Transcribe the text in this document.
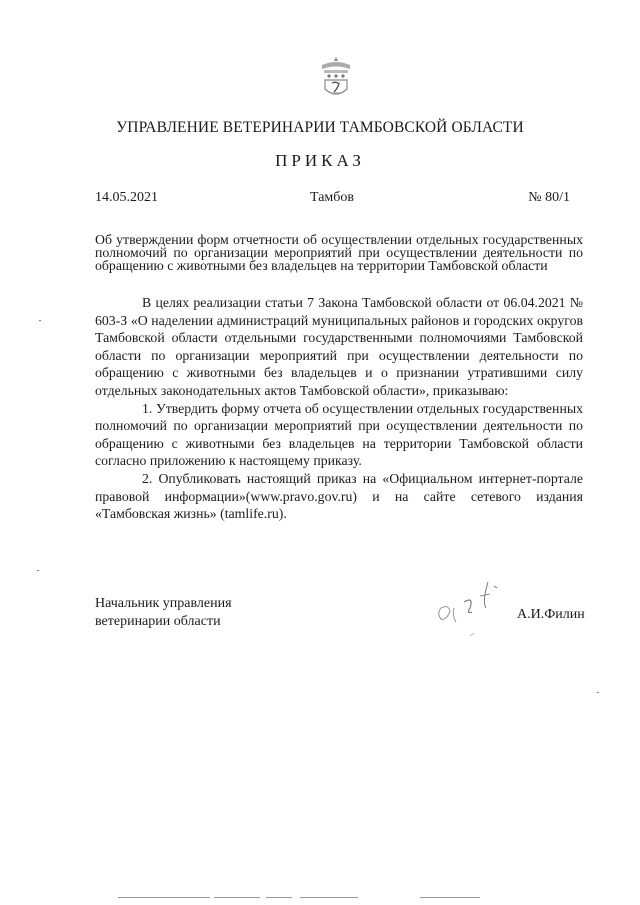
УПРАВЛЕНИЕ ВЕТЕРИНАРИИ ТАМБОВСКОЙ ОБЛАСТИ
ПРИКАЗ
14.05.2021	Тамбов	№ 80/1
Об утверждении форм отчетности об осуществлении отдельных государственных полномочий по организации мероприятий при осуществлении деятельности по обращению с животными без владельцев на территории Тамбовской области

В целях реализации статьи 7 Закона Тамбовской области от 06.04.2021 № 603-З «О наделении администраций муниципальных районов и городских округов Тамбовской области отдельными государственными полномочиями Тамбовской области по организации мероприятий при осуществлении деятельности по обращению с животными без владельцев и о признании утратившими силу отдельных законодательных актов Тамбовской области», приказываю:

1. Утвердить форму отчета об осуществлении отдельных государственных полномочий по организации мероприятий при осуществлении деятельности по обращению с животными без владельцев на территории Тамбовской области согласно приложению к настоящему приказу.

2. Опубликовать настоящий приказ на «Официальном интернет-портале правовой информации»(www.pravo.gov.ru) и на сайте сетевого издания «Тамбовская жизнь» (tamlife.ru).

Начальник управления
ветеринарии области	А.И.Филин
